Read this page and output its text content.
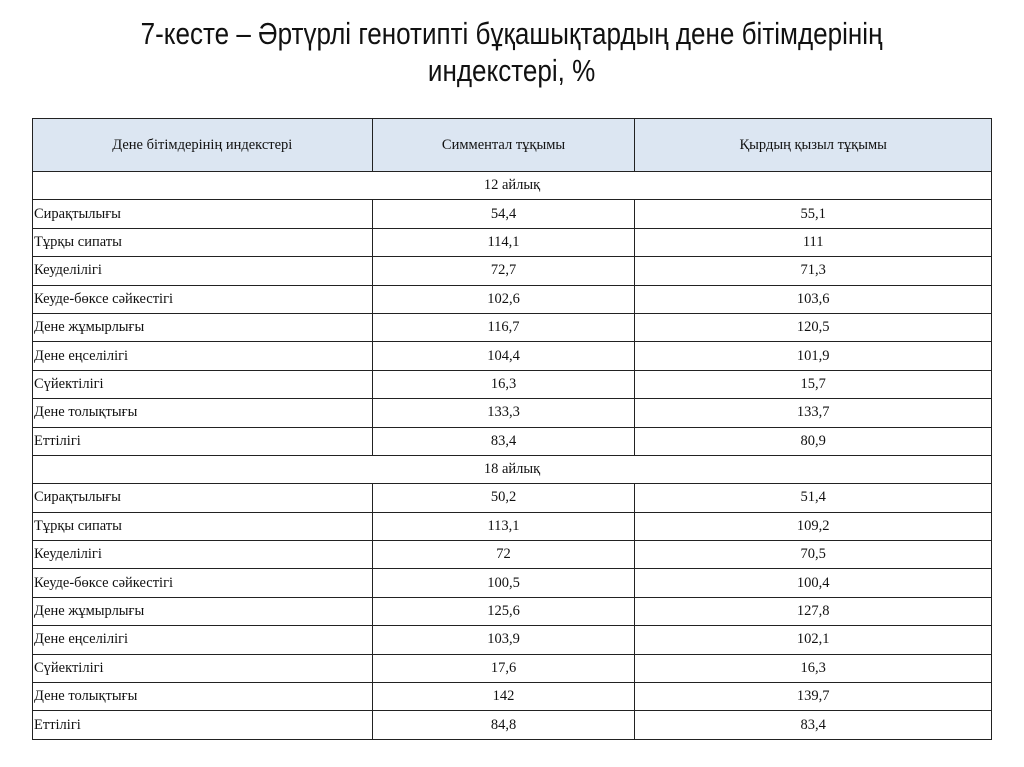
7-кесте – Әртүрлі генотипті бұқашықтардың дене бітімдерінің
индекстері, %
Дене бітімдерінің индекстері	Симментал тұқымы	Қырдың қызыл тұқымы
12 айлық		
Сирақтылығы	54,4	55,1
Тұрқы сипаты	114,1	111
Кеуделілігі	72,7	71,3
Кеуде-бөксе сәйкестігі	102,6	103,6
Дене жұмырлығы	116,7	120,5
Дене еңселілігі	104,4	101,9
Сүйектілігі	16,3	15,7
Дене толықтығы	133,3	133,7
Еттілігі	83,4	80,9
18 айлық		
Сирақтылығы	50,2	51,4
Тұрқы сипаты	113,1	109,2
Кеуделілігі	72	70,5
Кеуде-бөксе сәйкестігі	100,5	100,4
Дене жұмырлығы	125,6	127,8
Дене еңселілігі	103,9	102,1
Сүйектілігі	17,6	16,3
Дене толықтығы	142	139,7
Еттілігі	84,8	83,4
